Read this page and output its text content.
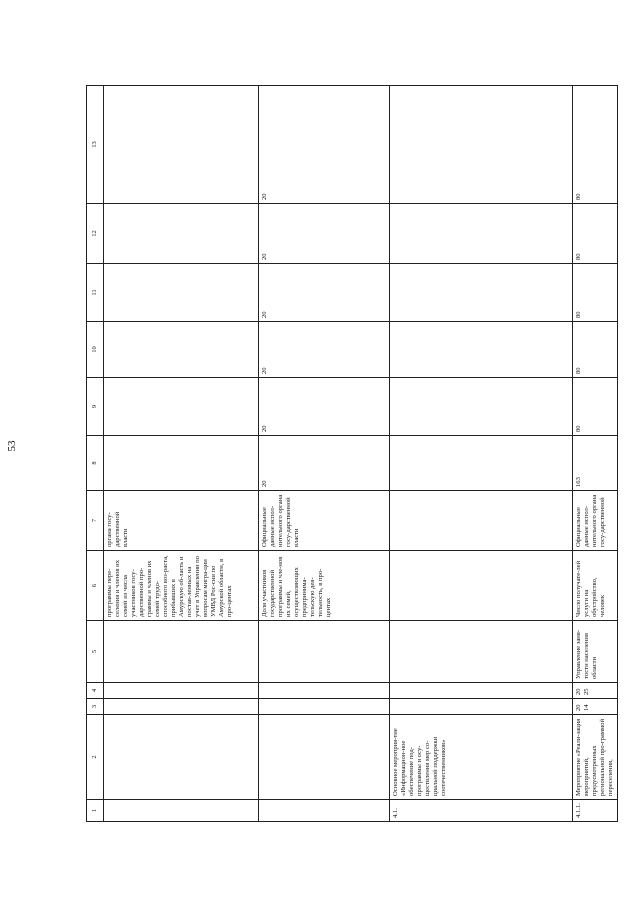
53
1	2	3	4	5	6	7	8	9	10	11	12	13
					программы пере-селения и членов их семей из числа участников госу-дарственной про-граммы и членов их семей трудо-способного воз-раста, прибывших в Амурскую об-ласть и постав-ленных на учет в Управлении по вопросам мигра-ции УМВД Рос-сии по Амурской области, в про-центах	органа госу-дарственной власти						
					Доля участников государственной программы и чле-нов их семей, осуществляющих предпринима-тельскую дея-тельность, в про-центах	Официальные данные испол-нительного органа госу-дарственной власти	20	20	20	20	20	20
4.1.	Основное мероприя-тие «Информацион-ное обеспечение под-программы и осу-ществления мер со-циальной поддержки соотечественников»											
4.1.1.	Мероприятие «Реали-зация мероприятий, предусмотренных региональной про-граммой переселения,	2014	2025	Управление заня-тости населения области	Число получате-лей услуги на обустройство, человек	Официальные данные испол-нительного органа госу-дарственной	163	80	80	80	80	80
